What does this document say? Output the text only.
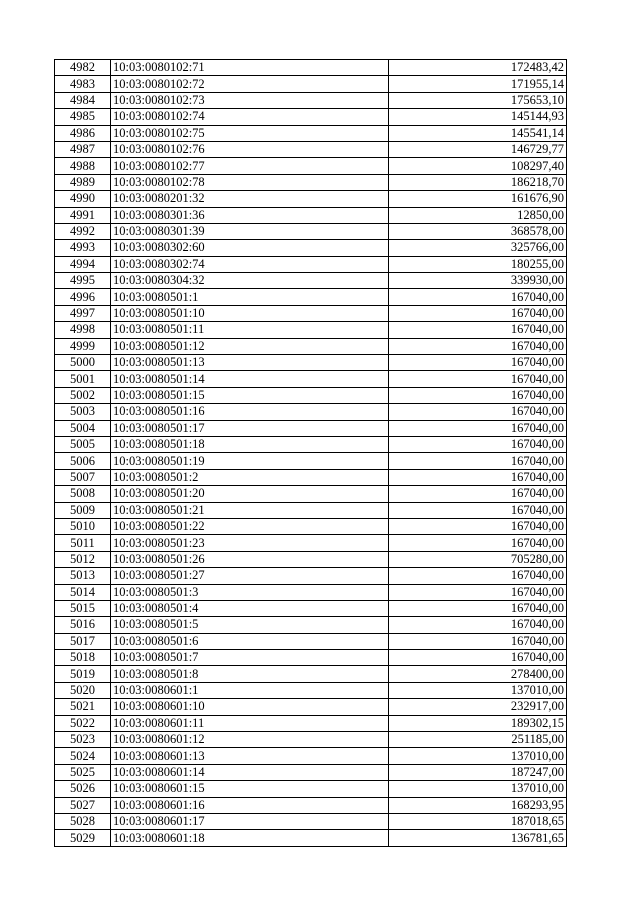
4982	10:03:0080102:71	172483,42
4983	10:03:0080102:72	171955,14
4984	10:03:0080102:73	175653,10
4985	10:03:0080102:74	145144,93
4986	10:03:0080102:75	145541,14
4987	10:03:0080102:76	146729,77
4988	10:03:0080102:77	108297,40
4989	10:03:0080102:78	186218,70
4990	10:03:0080201:32	161676,90
4991	10:03:0080301:36	12850,00
4992	10:03:0080301:39	368578,00
4993	10:03:0080302:60	325766,00
4994	10:03:0080302:74	180255,00
4995	10:03:0080304:32	339930,00
4996	10:03:0080501:1	167040,00
4997	10:03:0080501:10	167040,00
4998	10:03:0080501:11	167040,00
4999	10:03:0080501:12	167040,00
5000	10:03:0080501:13	167040,00
5001	10:03:0080501:14	167040,00
5002	10:03:0080501:15	167040,00
5003	10:03:0080501:16	167040,00
5004	10:03:0080501:17	167040,00
5005	10:03:0080501:18	167040,00
5006	10:03:0080501:19	167040,00
5007	10:03:0080501:2	167040,00
5008	10:03:0080501:20	167040,00
5009	10:03:0080501:21	167040,00
5010	10:03:0080501:22	167040,00
5011	10:03:0080501:23	167040,00
5012	10:03:0080501:26	705280,00
5013	10:03:0080501:27	167040,00
5014	10:03:0080501:3	167040,00
5015	10:03:0080501:4	167040,00
5016	10:03:0080501:5	167040,00
5017	10:03:0080501:6	167040,00
5018	10:03:0080501:7	167040,00
5019	10:03:0080501:8	278400,00
5020	10:03:0080601:1	137010,00
5021	10:03:0080601:10	232917,00
5022	10:03:0080601:11	189302,15
5023	10:03:0080601:12	251185,00
5024	10:03:0080601:13	137010,00
5025	10:03:0080601:14	187247,00
5026	10:03:0080601:15	137010,00
5027	10:03:0080601:16	168293,95
5028	10:03:0080601:17	187018,65
5029	10:03:0080601:18	136781,65
